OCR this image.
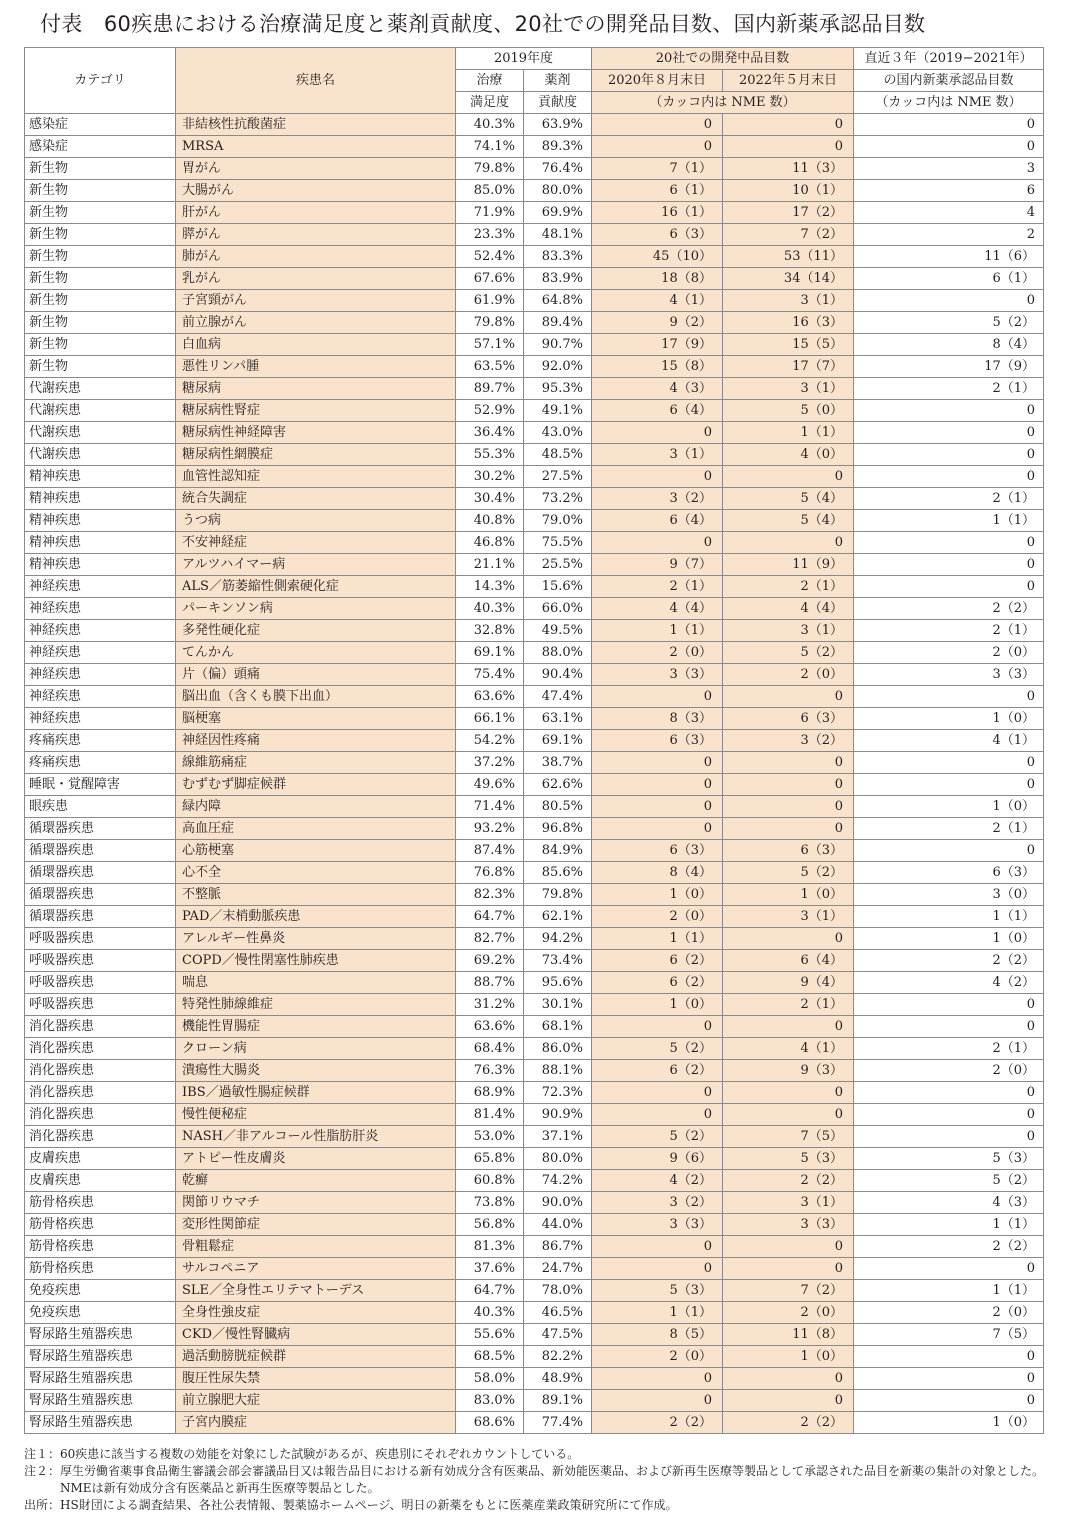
付表　60疾患における治療満足度と薬剤貢献度、20社での開発品目数、国内新薬承認品目数
カテゴリ	疾患名	2019年度		20社での開発中品目数		直近３年（2019−2021年）
		治療	薬剤	2020年８月末日	2022年５月末日	の国内新薬承認品目数
		満足度	貢献度	（カッコ内は NME 数）		（カッコ内は NME 数）
感染症	非結核性抗酸菌症	40.3%	63.9%	0	0	0
感染症	MRSA	74.1%	89.3%	0	0	0
新生物	胃がん	79.8%	76.4%	7（1）	11（3）	3
新生物	大腸がん	85.0%	80.0%	6（1）	10（1）	6
新生物	肝がん	71.9%	69.9%	16（1）	17（2）	4
新生物	膵がん	23.3%	48.1%	6（3）	7（2）	2
新生物	肺がん	52.4%	83.3%	45（10）	53（11）	11（6）
新生物	乳がん	67.6%	83.9%	18（8）	34（14）	6（1）
新生物	子宮頸がん	61.9%	64.8%	4（1）	3（1）	0
新生物	前立腺がん	79.8%	89.4%	9（2）	16（3）	5（2）
新生物	白血病	57.1%	90.7%	17（9）	15（5）	8（4）
新生物	悪性リンパ腫	63.5%	92.0%	15（8）	17（7）	17（9）
代謝疾患	糖尿病	89.7%	95.3%	4（3）	3（1）	2（1）
代謝疾患	糖尿病性腎症	52.9%	49.1%	6（4）	5（0）	0
代謝疾患	糖尿病性神経障害	36.4%	43.0%	0	1（1）	0
代謝疾患	糖尿病性網膜症	55.3%	48.5%	3（1）	4（0）	0
精神疾患	血管性認知症	30.2%	27.5%	0	0	0
精神疾患	統合失調症	30.4%	73.2%	3（2）	5（4）	2（1）
精神疾患	うつ病	40.8%	79.0%	6（4）	5（4）	1（1）
精神疾患	不安神経症	46.8%	75.5%	0	0	0
精神疾患	アルツハイマー病	21.1%	25.5%	9（7）	11（9）	0
神経疾患	ALS／筋萎縮性側索硬化症	14.3%	15.6%	2（1）	2（1）	0
神経疾患	パーキンソン病	40.3%	66.0%	4（4）	4（4）	2（2）
神経疾患	多発性硬化症	32.8%	49.5%	1（1）	3（1）	2（1）
神経疾患	てんかん	69.1%	88.0%	2（0）	5（2）	2（0）
神経疾患	片（偏）頭痛	75.4%	90.4%	3（3）	2（0）	3（3）
神経疾患	脳出血（含くも膜下出血）	63.6%	47.4%	0	0	0
神経疾患	脳梗塞	66.1%	63.1%	8（3）	6（3）	1（0）
疼痛疾患	神経因性疼痛	54.2%	69.1%	6（3）	3（2）	4（1）
疼痛疾患	線維筋痛症	37.2%	38.7%	0	0	0
睡眠・覚醒障害	むずむず脚症候群	49.6%	62.6%	0	0	0
眼疾患	緑内障	71.4%	80.5%	0	0	1（0）
循環器疾患	高血圧症	93.2%	96.8%	0	0	2（1）
循環器疾患	心筋梗塞	87.4%	84.9%	6（3）	6（3）	0
循環器疾患	心不全	76.8%	85.6%	8（4）	5（2）	6（3）
循環器疾患	不整脈	82.3%	79.8%	1（0）	1（0）	3（0）
循環器疾患	PAD／末梢動脈疾患	64.7%	62.1%	2（0）	3（1）	1（1）
呼吸器疾患	アレルギー性鼻炎	82.7%	94.2%	1（1）	0	1（0）
呼吸器疾患	COPD／慢性閉塞性肺疾患	69.2%	73.4%	6（2）	6（4）	2（2）
呼吸器疾患	喘息	88.7%	95.6%	6（2）	9（4）	4（2）
呼吸器疾患	特発性肺線維症	31.2%	30.1%	1（0）	2（1）	0
消化器疾患	機能性胃腸症	63.6%	68.1%	0	0	0
消化器疾患	クローン病	68.4%	86.0%	5（2）	4（1）	2（1）
消化器疾患	潰瘍性大腸炎	76.3%	88.1%	6（2）	9（3）	2（0）
消化器疾患	IBS／過敏性腸症候群	68.9%	72.3%	0	0	0
消化器疾患	慢性便秘症	81.4%	90.9%	0	0	0
消化器疾患	NASH／非アルコール性脂肪肝炎	53.0%	37.1%	5（2）	7（5）	0
皮膚疾患	アトピー性皮膚炎	65.8%	80.0%	9（6）	5（3）	5（3）
皮膚疾患	乾癬	60.8%	74.2%	4（2）	2（2）	5（2）
筋骨格疾患	関節リウマチ	73.8%	90.0%	3（2）	3（1）	4（3）
筋骨格疾患	変形性関節症	56.8%	44.0%	3（3）	3（3）	1（1）
筋骨格疾患	骨粗鬆症	81.3%	86.7%	0	0	2（2）
筋骨格疾患	サルコペニア	37.6%	24.7%	0	0	0
免疫疾患	SLE／全身性エリテマトーデス	64.7%	78.0%	5（3）	7（2）	1（1）
免疫疾患	全身性強皮症	40.3%	46.5%	1（1）	2（0）	2（0）
腎尿路生殖器疾患	CKD／慢性腎臓病	55.6%	47.5%	8（5）	11（8）	7（5）
腎尿路生殖器疾患	過活動膀胱症候群	68.5%	82.2%	2（0）	1（0）	0
腎尿路生殖器疾患	腹圧性尿失禁	58.0%	48.9%	0	0	0
腎尿路生殖器疾患	前立腺肥大症	83.0%	89.1%	0	0	0
腎尿路生殖器疾患	子宮内膜症	68.6%	77.4%	2（2）	2（2）	1（0）
注１： 60疾患に該当する複数の効能を対象にした試験があるが、疾患別にそれぞれカウントしている。
注２： 厚生労働省薬事食品衛生審議会部会審議品目又は報告品目における新有効成分含有医薬品、新効能医薬品、および新再生医療等製品として承認された品目を新薬の集計の対象とした。NMEは新有効成分含有医薬品と新再生医療等製品とした。
出所： HS財団による調査結果、各社公表情報、製薬協ホームページ、明日の新薬をもとに医薬産業政策研究所にて作成。
